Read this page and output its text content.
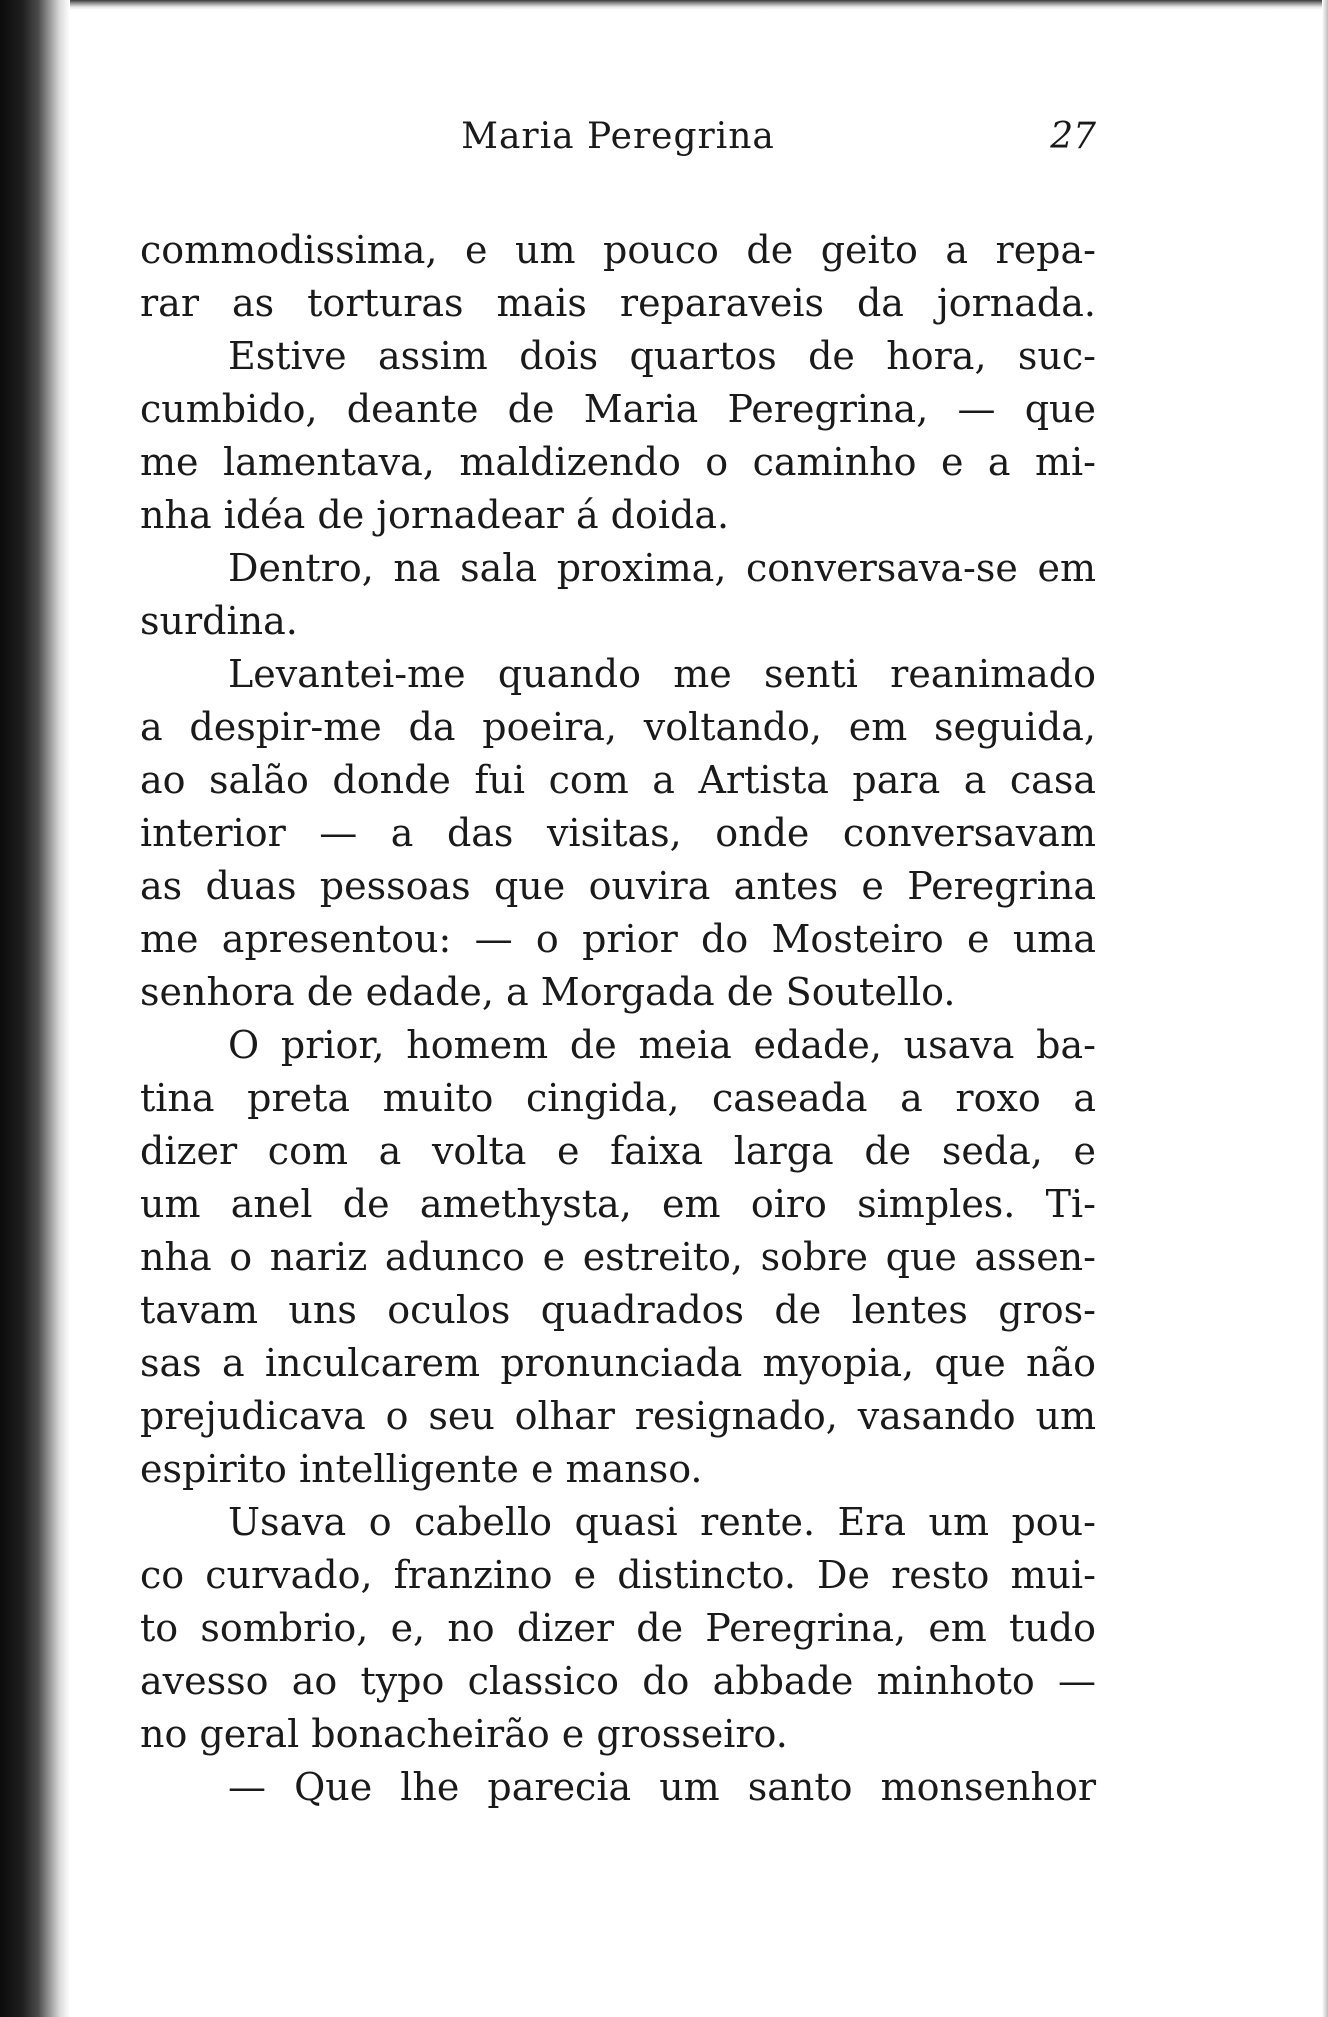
Maria Peregrina	27
commodissima, e um pouco de geito a repa-
rar as torturas mais reparaveis da jornada.
Estive assim dois quartos de hora, suc-
cumbido, deante de Maria Peregrina, — que
me lamentava, maldizendo o caminho e a mi-
nha idéa de jornadear á doida.
Dentro, na sala proxima, conversava-se em
surdina.
Levantei-me quando me senti reanimado
a despir-me da poeira, voltando, em seguida,
ao salão donde fui com a Artista para a casa
interior — a das visitas, onde conversavam
as duas pessoas que ouvira antes e Peregrina
me apresentou: — o prior do Mosteiro e uma
senhora de edade, a Morgada de Soutello.
O prior, homem de meia edade, usava ba-
tina preta muito cingida, caseada a roxo a
dizer com a volta e faixa larga de seda, e
um anel de amethysta, em oiro simples. Ti-
nha o nariz adunco e estreito, sobre que assen-
tavam uns oculos quadrados de lentes gros-
sas a inculcarem pronunciada myopia, que não
prejudicava o seu olhar resignado, vasando um
espirito intelligente e manso.
Usava o cabello quasi rente. Era um pou-
co curvado, franzino e distincto. De resto mui-
to sombrio, e, no dizer de Peregrina, em tudo
avesso ao typo classico do abbade minhoto —
no geral bonacheirão e grosseiro.
— Que lhe parecia um santo monsenhor
